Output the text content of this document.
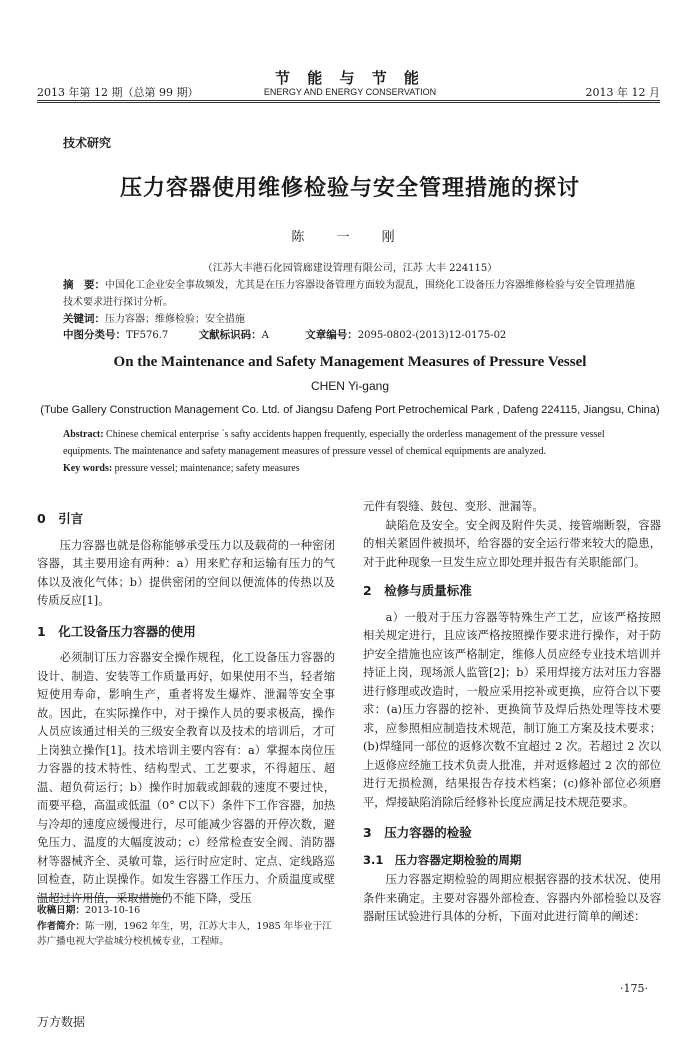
2013 年第 12 期（总第 99 期）
节 能 与 节 能
ENERGY AND ENERGY CONSERVATION	2013 年 12 月
技术研究
压力容器使用维修检验与安全管理措施的探讨
陈 一 刚
（江苏大丰港石化园管廊建设管理有限公司，江苏 大丰 224115）
摘　要：中国化工企业安全事故频发，尤其是在压力容器设备管理方面较为混乱，围绕化工设备压力容器维修检验与安全管理措施技术要求进行探讨分析。
关键词：压力容器；维修检验；安全措施
中图分类号：TF576.7	文献标识码：A	文章编号：2095-0802-(2013)12-0175-02
On the Maintenance and Safety Management Measures of Pressure Vessel
CHEN Yi-gang
(Tube Gallery Construction Management Co. Ltd. of Jiangsu Dafeng Port Petrochemical Park , Dafeng 224115, Jiangsu, China)
Abstract: Chinese chemical enterprise ´s safty accidents happen frequently, especially the orderless management of the pressure vessel equipments. The maintenance and safety management measures of pressure vessel of chemical equipments are analyzed.
Key words: pressure vessel; maintenance; safety measures
0　引言

压力容器也就是俗称能够承受压力以及载荷的一种密闭容器，其主要用途有两种：a）用来贮存和运输有压力的气体以及液化气体；b）提供密闭的空间以便流体的传热以及传质反应[1]。

1　化工设备压力容器的使用

必须制订压力容器安全操作规程，化工设备压力容器的设计、制造、安装等工作质量再好，如果使用不当，轻者缩短使用寿命，影响生产，重者将发生爆炸、泄漏等安全事故。因此，在实际操作中，对于操作人员的要求极高，操作人员应该通过相关的三级安全教育以及技术的培训后，才可上岗独立操作[1]。技术培训主要内容有：a）掌握本岗位压力容器的技术特性、结构型式、工艺要求，不得超压、超温、超负荷运行；b）操作时加载或卸载的速度不要过快，而要平稳，高温或低温（0° C以下）条件下工作容器，加热与冷却的速度应缓慢进行，尽可能减少容器的开停次数，避免压力、温度的大幅度波动；c）经常检查安全阀、消防器材等器械齐全、灵敏可靠，运行时应定时、定点、定线路巡回检查，防止误操作。如发生容器工作压力、介质温度或壁温超过许用值，采取措施仍不能下降，受压

收稿日期：2013-10-16
作者简介：陈一刚，1962 年生，男，江苏大丰人，1985 年毕业于江苏广播电视大学盐城分校机械专业，工程师。
元件有裂缝、鼓包、变形、泄漏等。

缺陷危及安全。安全阀及附件失灵、接管端断裂，容器的相关紧固件被损坏，给容器的安全运行带来较大的隐患，对于此种现象一旦发生应立即处理并报告有关职能部门。

2　检修与质量标准

a）一般对于压力容器等特殊生产工艺，应该严格按照相关规定进行，且应该严格按照操作要求进行操作，对于防护安全措施也应该严格制定，维修人员应经专业技术培训并持证上岗，现场派人监管[2]；b）采用焊接方法对压力容器进行修理或改造时，一般应采用挖补或更换，应符合以下要求：(a)压力容器的挖补、更换筒节及焊后热处理等技术要求，应参照相应制造技术规范，制订施工方案及技术要求；(b)焊缝同一部位的返修次数不宜超过 2 次。若超过 2 次以上返修应经施工技术负责人批准，并对返修超过 2 次的部位进行无损检测，结果报告存技术档案；(c)修补部位必须磨平，焊接缺陷消除后经修补长度应满足技术规范要求。

3　压力容器的检验
3.1　压力容器定期检验的周期

压力容器定期检验的周期应根据容器的技术状况、使用条件来确定。主要对容器外部检查、容器内外部检验以及容器耐压试验进行具体的分析，下面对此进行简单的阐述：

·175·
万方数据
